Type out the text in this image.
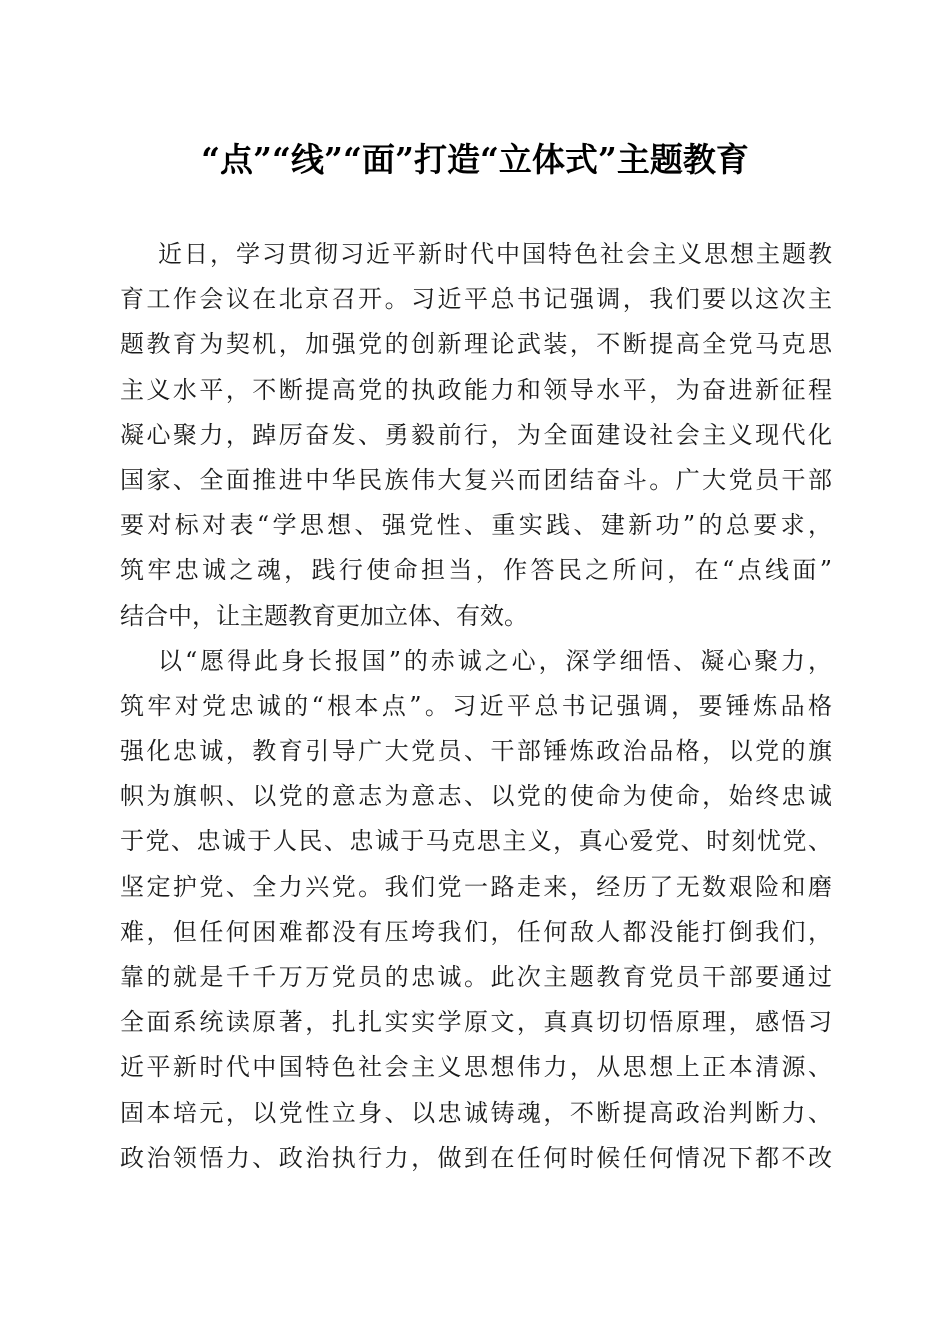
“点”“线”“面”打造“立体式”主题教育
近日，学习贯彻习近平新时代中国特色社会主义思想主题教
育工作会议在北京召开。习近平总书记强调，我们要以这次主
题教育为契机，加强党的创新理论武装，不断提高全党马克思
主义水平，不断提高党的执政能力和领导水平，为奋进新征程
凝心聚力，踔厉奋发、勇毅前行，为全面建设社会主义现代化
国家、全面推进中华民族伟大复兴而团结奋斗。广大党员干部
要对标对表“学思想、强党性、重实践、建新功”的总要求，
筑牢忠诚之魂，践行使命担当，作答民之所问，在“点线面”
结合中，让主题教育更加立体、有效。
以“愿得此身长报国”的赤诚之心，深学细悟、凝心聚力，
筑牢对党忠诚的“根本点”。习近平总书记强调，要锤炼品格
强化忠诚，教育引导广大党员、干部锤炼政治品格，以党的旗
帜为旗帜、以党的意志为意志、以党的使命为使命，始终忠诚
于党、忠诚于人民、忠诚于马克思主义，真心爱党、时刻忧党、
坚定护党、全力兴党。我们党一路走来，经历了无数艰险和磨
难，但任何困难都没有压垮我们，任何敌人都没能打倒我们，
靠的就是千千万万党员的忠诚。此次主题教育党员干部要通过
全面系统读原著，扎扎实实学原文，真真切切悟原理，感悟习
近平新时代中国特色社会主义思想伟力，从思想上正本清源、
固本培元，以党性立身、以忠诚铸魂，不断提高政治判断力、
政治领悟力、政治执行力，做到在任何时候任何情况下都不改
